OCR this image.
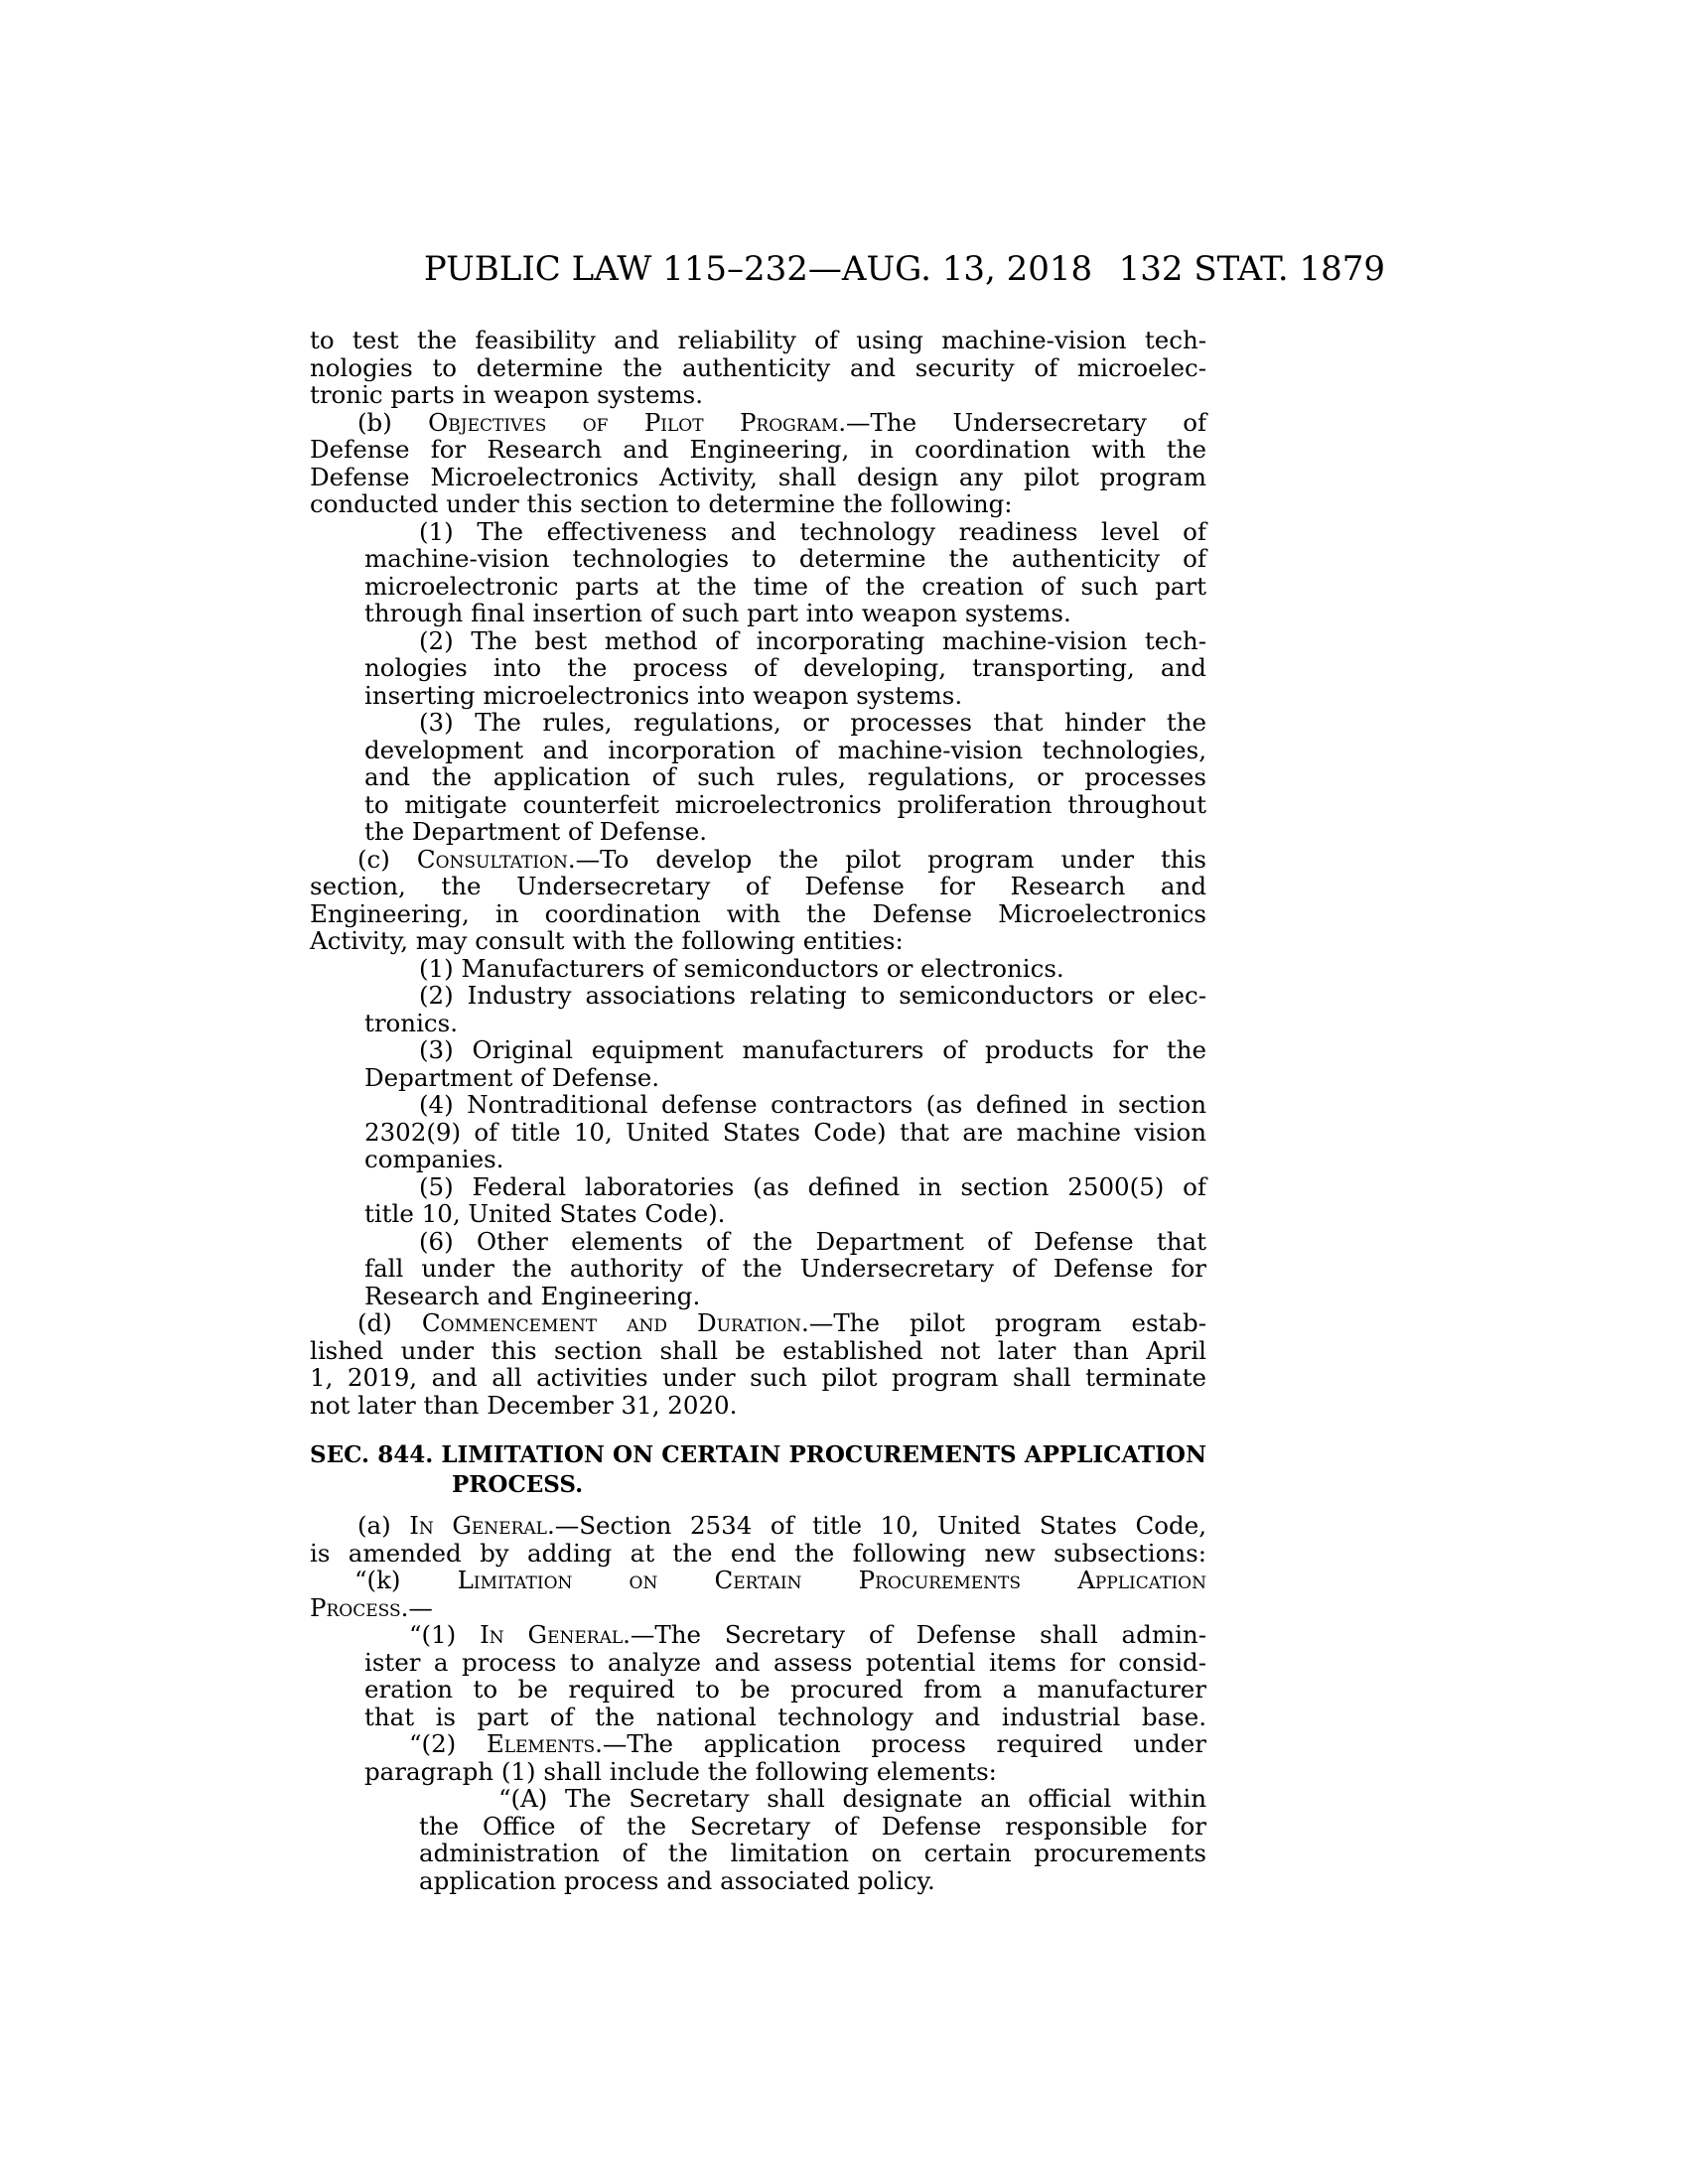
PUBLIC LAW 115–232—AUG. 13, 2018 132 STAT. 1879
to test the feasibility and reliability of using machine-vision tech-
nologies to determine the authenticity and security of microelec-
tronic parts in weapon systems.
(b) Objectives of Pilot Program.—The Undersecretary of
Defense for Research and Engineering, in coordination with the
Defense Microelectronics Activity, shall design any pilot program
conducted under this section to determine the following:
(1) The effectiveness and technology readiness level of
machine-vision technologies to determine the authenticity of
microelectronic parts at the time of the creation of such part
through final insertion of such part into weapon systems.
(2) The best method of incorporating machine-vision tech-
nologies into the process of developing, transporting, and
inserting microelectronics into weapon systems.
(3) The rules, regulations, or processes that hinder the
development and incorporation of machine-vision technologies,
and the application of such rules, regulations, or processes
to mitigate counterfeit microelectronics proliferation throughout
the Department of Defense.
(c) Consultation.—To develop the pilot program under this
section, the Undersecretary of Defense for Research and
Engineering, in coordination with the Defense Microelectronics
Activity, may consult with the following entities:
(1) Manufacturers of semiconductors or electronics.
(2) Industry associations relating to semiconductors or elec-
tronics.
(3) Original equipment manufacturers of products for the
Department of Defense.
(4) Nontraditional defense contractors (as defined in section
2302(9) of title 10, United States Code) that are machine vision
companies.
(5) Federal laboratories (as defined in section 2500(5) of
title 10, United States Code).
(6) Other elements of the Department of Defense that
fall under the authority of the Undersecretary of Defense for
Research and Engineering.
(d) Commencement and Duration.—The pilot program estab-
lished under this section shall be established not later than April
1, 2019, and all activities under such pilot program shall terminate
not later than December 31, 2020.
SEC. 844. LIMITATION ON CERTAIN PROCUREMENTS APPLICATION
PROCESS.
(a) In General.—Section 2534 of title 10, United States Code,
is amended by adding at the end the following new subsections:
“(k) Limitation on Certain Procurements Application
Process.—
“(1) In General.—The Secretary of Defense shall admin-
ister a process to analyze and assess potential items for consid-
eration to be required to be procured from a manufacturer
that is part of the national technology and industrial base.
“(2) Elements.—The application process required under
paragraph (1) shall include the following elements:
“(A) The Secretary shall designate an official within
the Office of the Secretary of Defense responsible for
administration of the limitation on certain procurements
application process and associated policy.
